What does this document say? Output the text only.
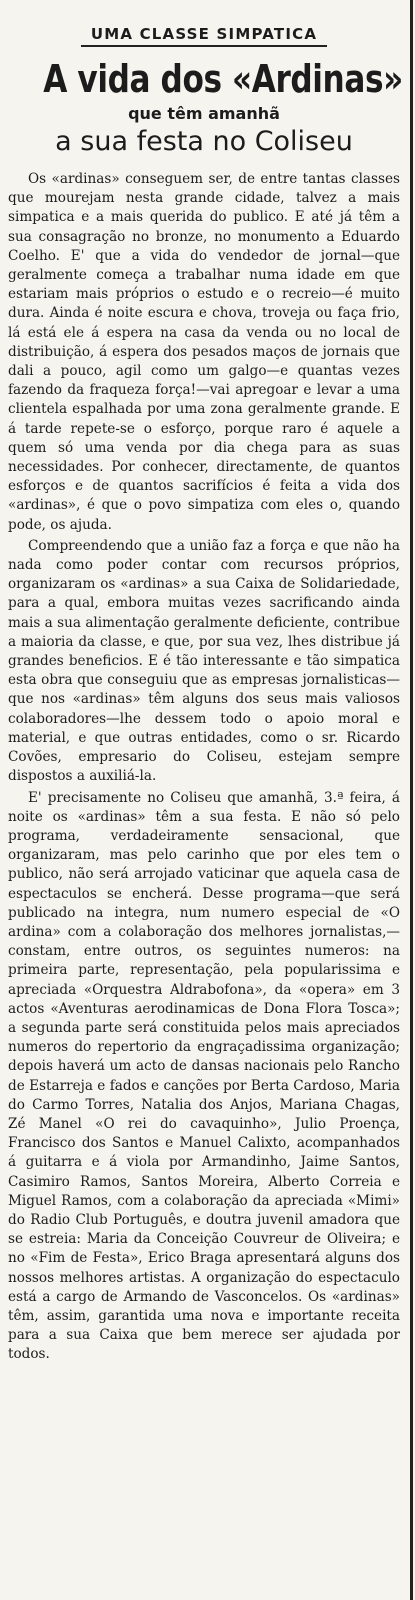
UMA CLASSE SIMPATICA
A vida dos «Ardinas»
que têm amanhã
a sua festa no Coliseu

Os «ardinas» conseguem ser, de entre tantas classes que mourejam nesta grande cidade, talvez a mais simpatica e a mais querida do publico. E até já têm a sua consagração no bronze, no monumento a Eduardo Coelho. E' que a vida do vendedor de jornal—que geralmente começa a trabalhar numa idade em que estariam mais próprios o estudo e o recreio—é muito dura. Ainda é noite escura e chova, troveja ou faça frio, lá está ele á espera na casa da venda ou no local de distribuição, á espera dos pesados maços de jornais que dali a pouco, agil como um galgo—e quantas vezes fazendo da fraqueza força!—vai apregoar e levar a uma clientela espalhada por uma zona geralmente grande. E á tarde repete-se o esforço, porque raro é aquele a quem só uma venda por dia chega para as suas necessidades. Por conhecer, directamente, de quantos esforços e de quantos sacrifícios é feita a vida dos «ardinas», é que o povo simpatiza com eles o, quando pode, os ajuda.

Compreendendo que a união faz a força e que não ha nada como poder contar com recursos próprios, organizaram os «ardinas» a sua Caixa de Solidariedade, para a qual, embora muitas vezes sacrificando ainda mais a sua alimentação geralmente deficiente, contribue a maioria da classe, e que, por sua vez, lhes distribue já grandes beneficios. E é tão interessante e tão simpatica esta obra que conseguiu que as empresas jornalisticas—que nos «ardinas» têm alguns dos seus mais valiosos colaboradores—lhe dessem todo o apoio moral e material, e que outras entidades, como o sr. Ricardo Covões, empresario do Coliseu, estejam sempre dispostos a auxiliá-la.

E' precisamente no Coliseu que amanhã, 3.ª feira, á noite os «ardinas» têm a sua festa. E não só pelo programa, verdadeiramente sensacional, que organizaram, mas pelo carinho que por eles tem o publico, não será arrojado vaticinar que aquela casa de espectaculos se encherá. Desse programa—que será publicado na integra, num numero especial de «O ardina» com a colaboração dos melhores jornalistas,—constam, entre outros, os seguintes numeros: na primeira parte, representação, pela popularissima e apreciada «Orquestra Aldrabofona», da «opera» em 3 actos «Aventuras aerodinamicas de Dona Flora Tosca»; a segunda parte será constituida pelos mais apreciados numeros do repertorio da engraçadissima organização; depois haverá um acto de dansas nacionais pelo Rancho de Estarreja e fados e canções por Berta Cardoso, Maria do Carmo Torres, Natalia dos Anjos, Mariana Chagas, Zé Manel «O rei do cavaquinho», Julio Proença, Francisco dos Santos e Manuel Calixto, acompanhados á guitarra e á viola por Armandinho, Jaime Santos, Casimiro Ramos, Santos Moreira, Alberto Correia e Miguel Ramos, com a colaboração da apreciada «Mimi» do Radio Club Português, e doutra juvenil amadora que se estreia: Maria da Conceição Couvreur de Oliveira; e no «Fim de Festa», Erico Braga apresentará alguns dos nossos melhores artistas. A organização do espectaculo está a cargo de Armando de Vasconcelos. Os «ardinas» têm, assim, garantida uma nova e importante receita para a sua Caixa que bem merece ser ajudada por todos.
